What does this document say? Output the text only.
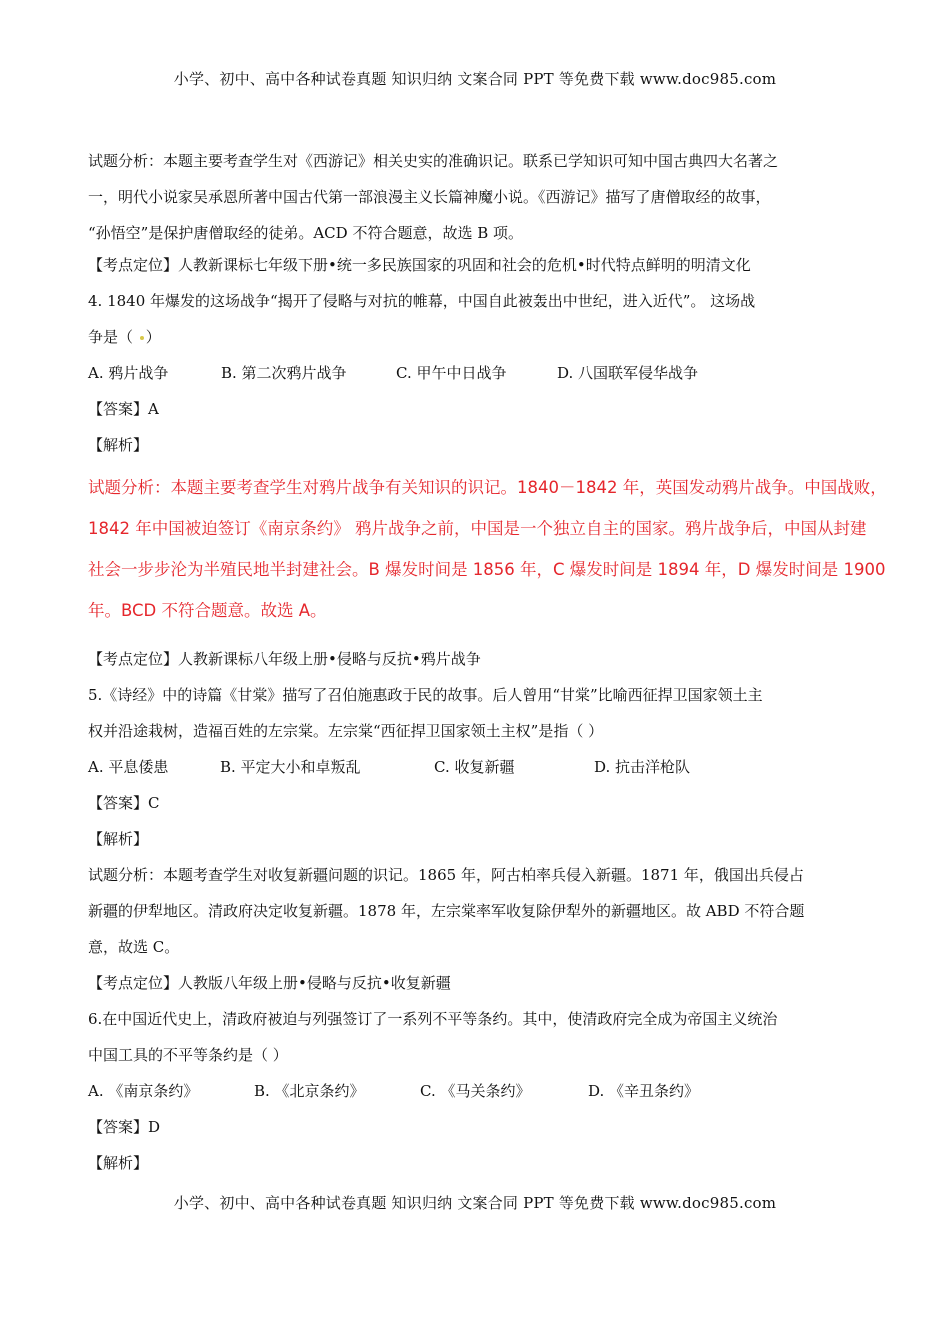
小学、初中、高中各种试卷真题 知识归纳 文案合同 PPT 等免费下载 www.doc985.com
试题分析：本题主要考查学生对《西游记》相关史实的准确识记。联系已学知识可知中国古典四大名著之
一，明代小说家吴承恩所著中国古代第一部浪漫主义长篇神魔小说。《西游记》描写了唐僧取经的故事，
“孙悟空”是保护唐僧取经的徒弟。ACD 不符合题意，故选 B 项。
【考点定位】人教新课标七年级下册•统一多民族国家的巩固和社会的危机•时代特点鲜明的明清文化
4. 1840 年爆发的这场战争“揭开了侵略与对抗的帷幕，中国自此被轰出中世纪，进入近代”。 这场战
争是（ ）
A. 鸦片战争	B. 第二次鸦片战争	C. 甲午中日战争	D. 八国联军侵华战争
【答案】A
【解析】
试题分析：本题主要考查学生对鸦片战争有关知识的识记。1840－1842 年，英国发动鸦片战争。中国战败，
1842 年中国被迫签订《南京条约》 鸦片战争之前，中国是一个独立自主的国家。鸦片战争后，中国从封建
社会一步步沦为半殖民地半封建社会。B 爆发时间是 1856 年，C 爆发时间是 1894 年，D 爆发时间是 1900
年。BCD 不符合题意。故选 A。
【考点定位】人教新课标八年级上册•侵略与反抗•鸦片战争
5.《诗经》中的诗篇《甘棠》描写了召伯施惠政于民的故事。后人曾用“甘棠”比喻西征捍卫国家领土主
权并沿途栽树，造福百姓的左宗棠。左宗棠“西征捍卫国家领土主权”是指（ ）
A. 平息倭患	B. 平定大小和卓叛乱	C. 收复新疆	D. 抗击洋枪队
【答案】C
【解析】
试题分析：本题考查学生对收复新疆问题的识记。1865 年，阿古柏率兵侵入新疆。1871 年，俄国出兵侵占
新疆的伊犁地区。清政府决定收复新疆。1878 年，左宗棠率军收复除伊犁外的新疆地区。故 ABD 不符合题
意，故选 C。
【考点定位】人教版八年级上册•侵略与反抗•收复新疆
6.在中国近代史上，清政府被迫与列强签订了一系列不平等条约。其中，使清政府完全成为帝国主义统治
中国工具的不平等条约是（ ）
A. 《南京条约》	B. 《北京条约》	C. 《马关条约》	D. 《辛丑条约》
【答案】D
【解析】
小学、初中、高中各种试卷真题 知识归纳 文案合同 PPT 等免费下载 www.doc985.com
